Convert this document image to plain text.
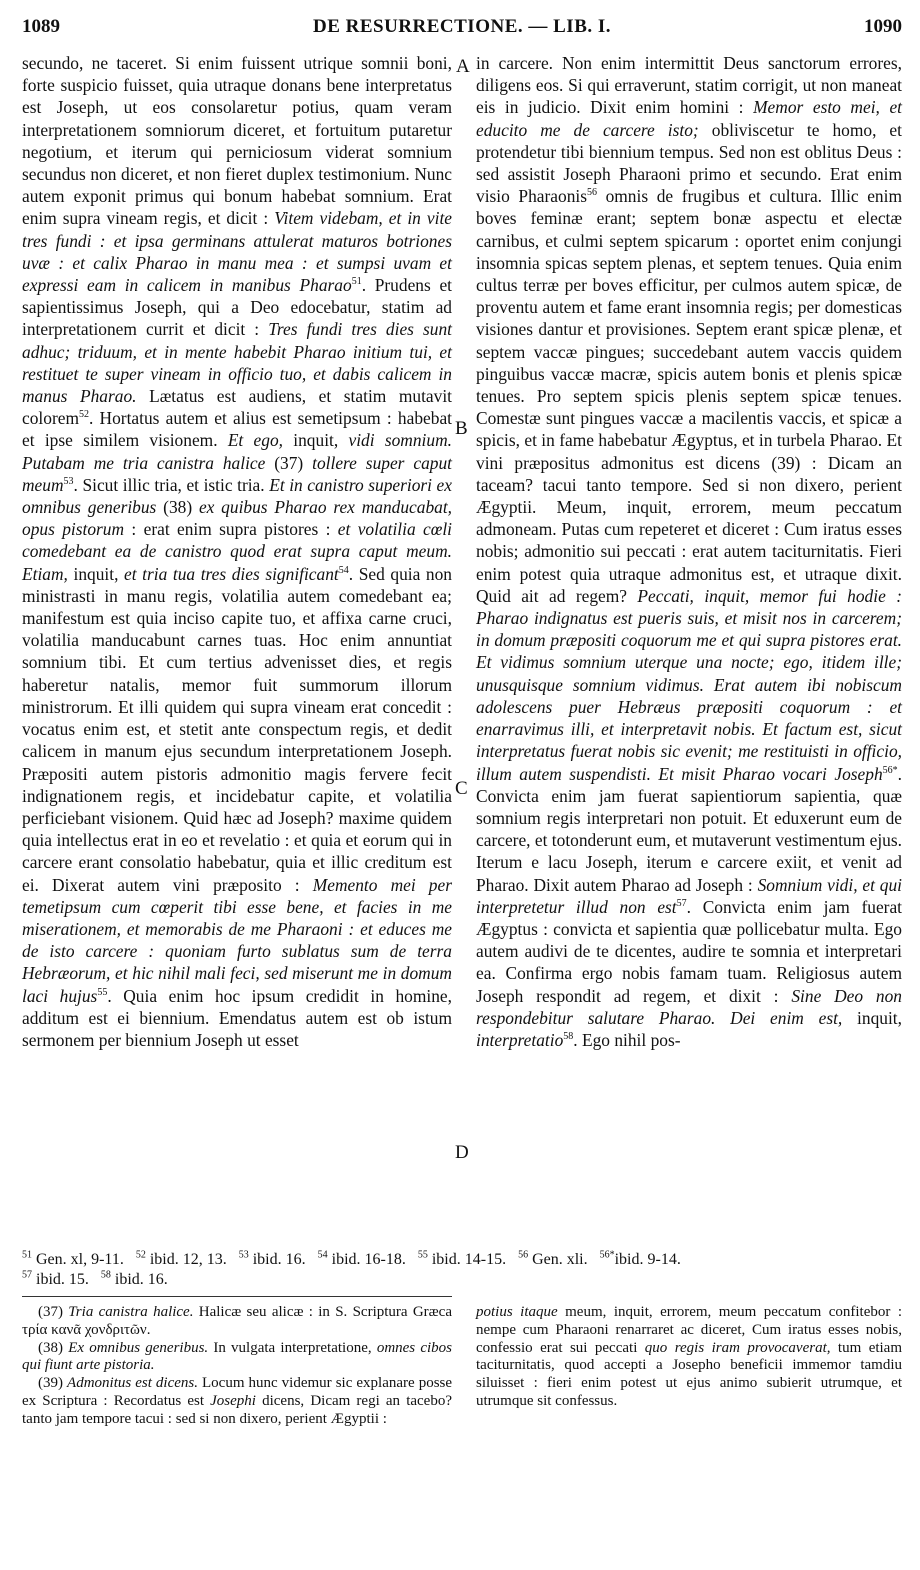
1089	DE RESURRECTIONE. — LIB. I.	1090
A
B
C
D

secundo, ne taceret. Si enim fuissent utrique somnii boni, forte suspicio fuisset, quia utraque donans bene interpretatus est Joseph, ut eos consolaretur potius, quam veram interpretationem somniorum diceret, et fortuitum putaretur negotium, et iterum qui perniciosum viderat somnium secundus non diceret, et non fieret duplex testimonium. Nunc autem exponit primus qui bonum habebat somnium. Erat enim supra vineam regis, et dicit : Vitem videbam, et in vite tres fundi : et ipsa germinans attulerat maturos botriones uvæ : et calix Pharao in manu mea : et sumpsi uvam et expressi eam in calicem in manibus Pharao$^{51}$. Prudens et sapientissimus Joseph, qui a Deo edocebatur, statim ad interpretationem currit et dicit : Tres fundi tres dies sunt adhuc; triduum, et in mente habebit Pharao initium tui, et restituet te super vineam in officio tuo, et dabis calicem in manus Pharao. Lætatus est audiens, et statim mutavit colorem$^{52}$. Hortatus autem et alius est semetipsum : habebat et ipse similem visionem. Et ego, inquit, vidi somnium. Putabam me tria canistra halice (37) tollere super caput meum$^{53}$. Sicut illic tria, et istic tria. Et in canistro superiori ex omnibus generibus (38) ex quibus Pharao rex manducabat, opus pistorum : erat enim supra pistores : et volatilia cœli comedebant ea de canistro quod erat supra caput meum. Etiam, inquit, et tria tua tres dies significant$^{54}$. Sed quia non ministrasti in manu regis, volatilia autem comedebant ea; manifestum est quia inciso capite tuo, et affixa carne cruci, volatilia manducabunt carnes tuas. Hoc enim annuntiat somnium tibi. Et cum tertius advenisset dies, et regis haberetur natalis, memor fuit summorum illorum ministrorum. Et illi quidem qui supra vineam erat concedit : vocatus enim est, et stetit ante conspectum regis, et dedit calicem in manum ejus secundum interpretationem Joseph. Præpositi autem pistoris admonitio magis fervere fecit indignationem regis, et incidebatur capite, et volatilia perficiebant visionem. Quid hæc ad Joseph? maxime quidem quia intellectus erat in eo et revelatio : et quia et eorum qui in carcere erant consolatio habebatur, quia et illic creditum est ei. Dixerat autem vini præposito : Memento mei per temetipsum cum cœperit tibi esse bene, et facies in me miserationem, et memorabis de me Pharaoni : et educes me de isto carcere : quoniam furto sublatus sum de terra Hebræorum, et hic nihil mali feci, sed miserunt me in domum laci hujus$^{55}$. Quia enim hoc ipsum credidit in homine, additum est ei biennium. Emendatus autem est ob istum sermonem per biennium Joseph ut esset

in carcere. Non enim intermittit Deus sanctorum errores, diligens eos. Si qui erraverunt, statim corrigit, ut non maneat eis in judicio. Dixit enim homini : Memor esto mei, et educito me de carcere isto; obliviscetur te homo, et protendetur tibi biennium tempus. Sed non est oblitus Deus : sed assistit Joseph Pharaoni primo et secundo. Erat enim visio Pharaonis$^{56}$ omnis de frugibus et cultura. Illic enim boves feminæ erant; septem bonæ aspectu et electæ carnibus, et culmi septem spicarum : oportet enim conjungi insomnia spicas septem plenas, et septem tenues. Quia enim cultus terræ per boves efficitur, per culmos autem spicæ, de proventu autem et fame erant insomnia regis; per domesticas visiones dantur et provisiones. Septem erant spicæ plenæ, et septem vaccæ pingues; succedebant autem vaccis quidem pinguibus vaccæ macræ, spicis autem bonis et plenis spicæ tenues. Pro septem spicis plenis septem spicæ tenues. Comestæ sunt pingues vaccæ a macilentis vaccis, et spicæ a spicis, et in fame habebatur Ægyptus, et in turbela Pharao. Et vini præpositus admonitus est dicens (39) : Dicam an taceam? tacui tanto tempore. Sed si non dixero, perient Ægyptii. Meum, inquit, errorem, meum peccatum admoneam. Putas cum repeteret et diceret : Cum iratus esses nobis; admonitio sui peccati : erat autem taciturnitatis. Fieri enim potest quia utraque admonitus est, et utraque dixit. Quid ait ad regem? Peccati, inquit, memor fui hodie : Pharao indignatus est pueris suis, et misit nos in carcerem; in domum præpositi coquorum me et qui supra pistores erat. Et vidimus somnium uterque una nocte; ego, itidem ille; unusquisque somnium vidimus. Erat autem ibi nobiscum adolescens puer Hebræus præpositi coquorum : et enarravimus illi, et interpretavit nobis. Et factum est, sicut interpretatus fuerat nobis sic evenit; me restituisti in officio, illum autem suspendisti. Et misit Pharao vocari Joseph$^{56*}$. Convicta enim jam fuerat sapientiorum sapientia, quæ somnium regis interpretari non potuit. Et eduxerunt eum de carcere, et totonderunt eum, et mutaverunt vestimentum ejus. Iterum e lacu Joseph, iterum e carcere exiit, et venit ad Pharao. Dixit autem Pharao ad Joseph : Somnium vidi, et qui interpretetur illud non est$^{57}$. Convicta enim jam fuerat Ægyptus : convicta et sapientia quæ pollicebatur multa. Ego autem audivi de te dicentes, audire te somnia et interpretari ea. Confirma ergo nobis famam tuam. Religiosus autem Joseph respondit ad regem, et dixit : Sine Deo non respondebitur salutare Pharao. Dei enim est, inquit, interpretatio$^{58}$. Ego nihil pos-

$^{51}$ Gen. xl, 9-11. $^{52}$ ibid. 12, 13. $^{53}$ ibid. 16. $^{54}$ ibid. 16-18. $^{55}$ ibid. 14-15. $^{56}$ Gen. xli. $^{56*}$ibid. 9-14.
$^{57}$ ibid. 15. $^{58}$ ibid. 16.

(37) Tria canistra halice. Halicæ seu alicæ : in S. Scriptura Græca τρία κανᾶ χονδριτῶν.

(38) Ex omnibus generibus. In vulgata interpretatione, omnes cibos qui fiunt arte pistoria.

(39) Admonitus est dicens. Locum hunc videmur sic explanare posse ex Scriptura : Recordatus est Josephi dicens, Dicam regi an tacebo? tanto jam tempore tacui : sed si non dixero, perient Ægyptii :

potius itaque meum, inquit, errorem, meum peccatum confitebor : nempe cum Pharaoni renarraret ac diceret, Cum iratus esses nobis, confessio erat sui peccati quo regis iram provocaverat, tum etiam taciturnitatis, quod accepti a Josepho beneficii immemor tamdiu siluisset : fieri enim potest ut ejus animo subierit utrumque, et utrumque sit confessus.
